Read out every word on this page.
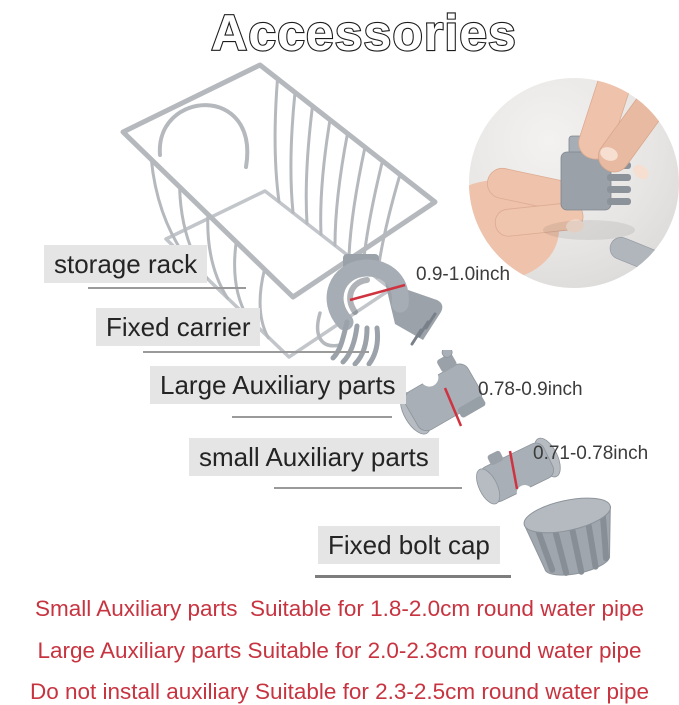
Accessories
storage rack
Fixed carrier
Large Auxiliary parts
small Auxiliary parts
Fixed bolt cap
0.9-1.0inch
0.78-0.9inch
0.71-0.78inch
Small Auxiliary parts  Suitable for 1.8-2.0cm round water pipe
Large Auxiliary parts Suitable for 2.0-2.3cm round water pipe
Do not install auxiliary Suitable for 2.3-2.5cm round water pipe
